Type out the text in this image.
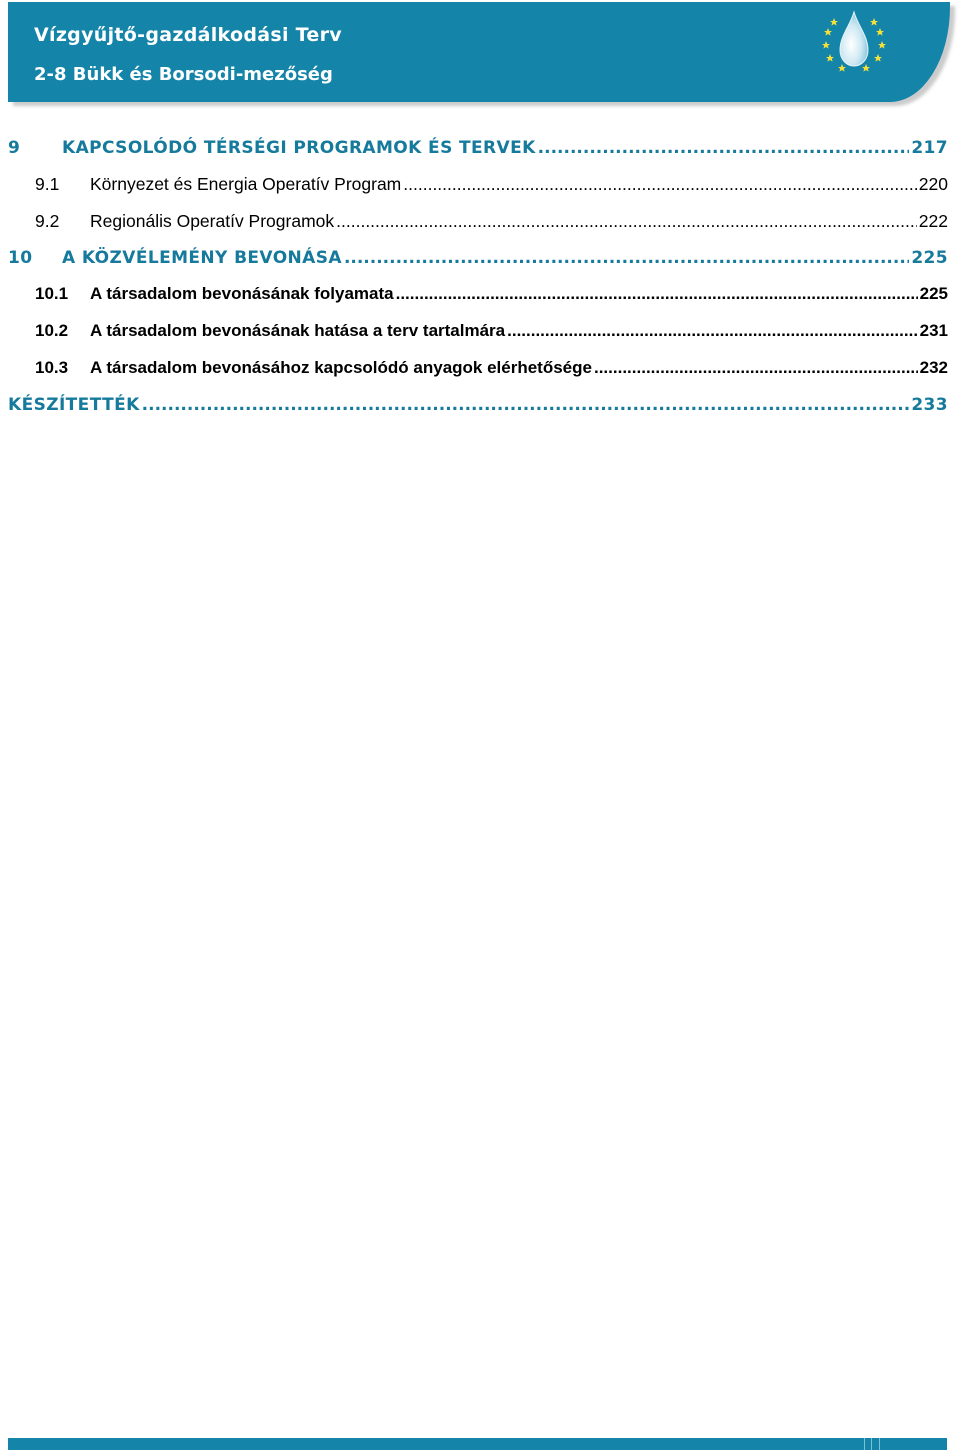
Vízgyűjtő-gazdálkodási Terv
2-8 Bükk és Borsodi-mezőség
9	KAPCSOLÓDÓ TÉRSÉGI PROGRAMOK ÉS TERVEK .....	217
9.1	Környezet és Energia Operatív Program .....	220
9.2	Regionális Operatív Programok .....	222
10	A KÖZVÉLEMÉNY BEVONÁSA .....	225
10.1	A társadalom bevonásának folyamata .....	225
10.2	A társadalom bevonásának hatása a terv tartalmára .....	231
10.3	A társadalom bevonásához kapcsolódó anyagok elérhetősége .....	232
KÉSZÍTETTÉK .....	233
